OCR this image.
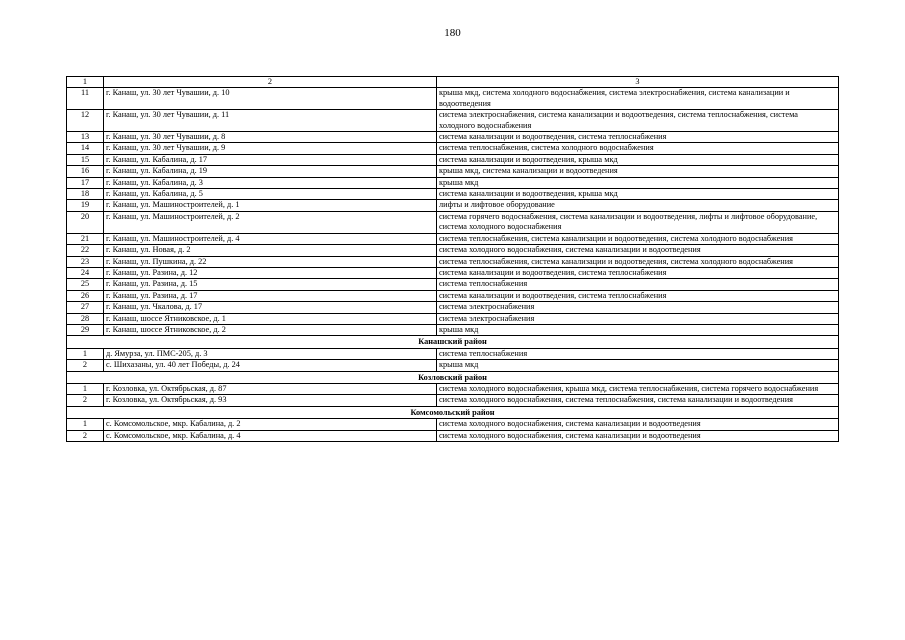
180
1	2	3
11	г. Канаш, ул. 30 лет Чувашии, д. 10	крыша мкд, система холодного водоснабжения, система электроснабжения, система канализации и водоотведения
12	г. Канаш, ул. 30 лет Чувашии, д. 11	система электроснабжения, система канализации и водоотведения, система теплоснабжения, система холодного водоснабжения
13	г. Канаш, ул. 30 лет Чувашии, д. 8	система канализации и водоотведения, система теплоснабжения
14	г. Канаш, ул. 30 лет Чувашии, д. 9	система теплоснабжения, система холодного водоснабжения
15	г. Канаш, ул. Кабалина, д. 17	система канализации и водоотведения, крыша мкд
16	г. Канаш, ул. Кабалина, д. 19	крыша мкд, система канализации и водоотведения
17	г. Канаш, ул. Кабалина, д. 3	крыша мкд
18	г. Канаш, ул. Кабалина, д. 5	система канализации и водоотведения, крыша мкд
19	г. Канаш, ул. Машиностроителей, д. 1	лифты и лифтовое оборудование
20	г. Канаш, ул. Машиностроителей, д. 2	система горячего водоснабжения, система канализации и водоотведения, лифты и лифтовое оборудование, система холодного водоснабжения
21	г. Канаш, ул. Машиностроителей, д. 4	система теплоснабжения, система канализации и водоотведения, система холодного водоснабжения
22	г. Канаш, ул. Новая, д. 2	система холодного водоснабжения, система канализации и водоотведения
23	г. Канаш, ул. Пушкина, д. 22	система теплоснабжения, система канализации и водоотведения, система холодного водоснабжения
24	г. Канаш, ул. Разина, д. 12	система канализации и водоотведения, система теплоснабжения
25	г. Канаш, ул. Разина, д. 15	система теплоснабжения
26	г. Канаш, ул. Разина, д. 17	система канализации и водоотведения, система теплоснабжения
27	г. Канаш, ул. Чкалова, д. 17	система электроснабжения
28	г. Канаш, шоссе Ятниковское, д. 1	система электроснабжения
29	г. Канаш, шоссе Ятниковское, д. 2	крыша мкд
Канашский район		
1	д. Ямурза, ул. ПМС-205, д. 3	система теплоснабжения
2	с. Шихазаны, ул. 40 лет Победы, д. 24	крыша мкд
Козловский район		
1	г. Козловка, ул. Октябрьская, д. 87	система холодного водоснабжения, крыша мкд, система теплоснабжения, система горячего водоснабжения
2	г. Козловка, ул. Октябрьская, д. 93	система холодного водоснабжения, система теплоснабжения, система канализации и водоотведения
Комсомольский район		
1	с. Комсомольское, мкр. Кабалина, д. 2	система холодного водоснабжения, система канализации и водоотведения
2	с. Комсомольское, мкр. Кабалина, д. 4	система холодного водоснабжения, система канализации и водоотведения
